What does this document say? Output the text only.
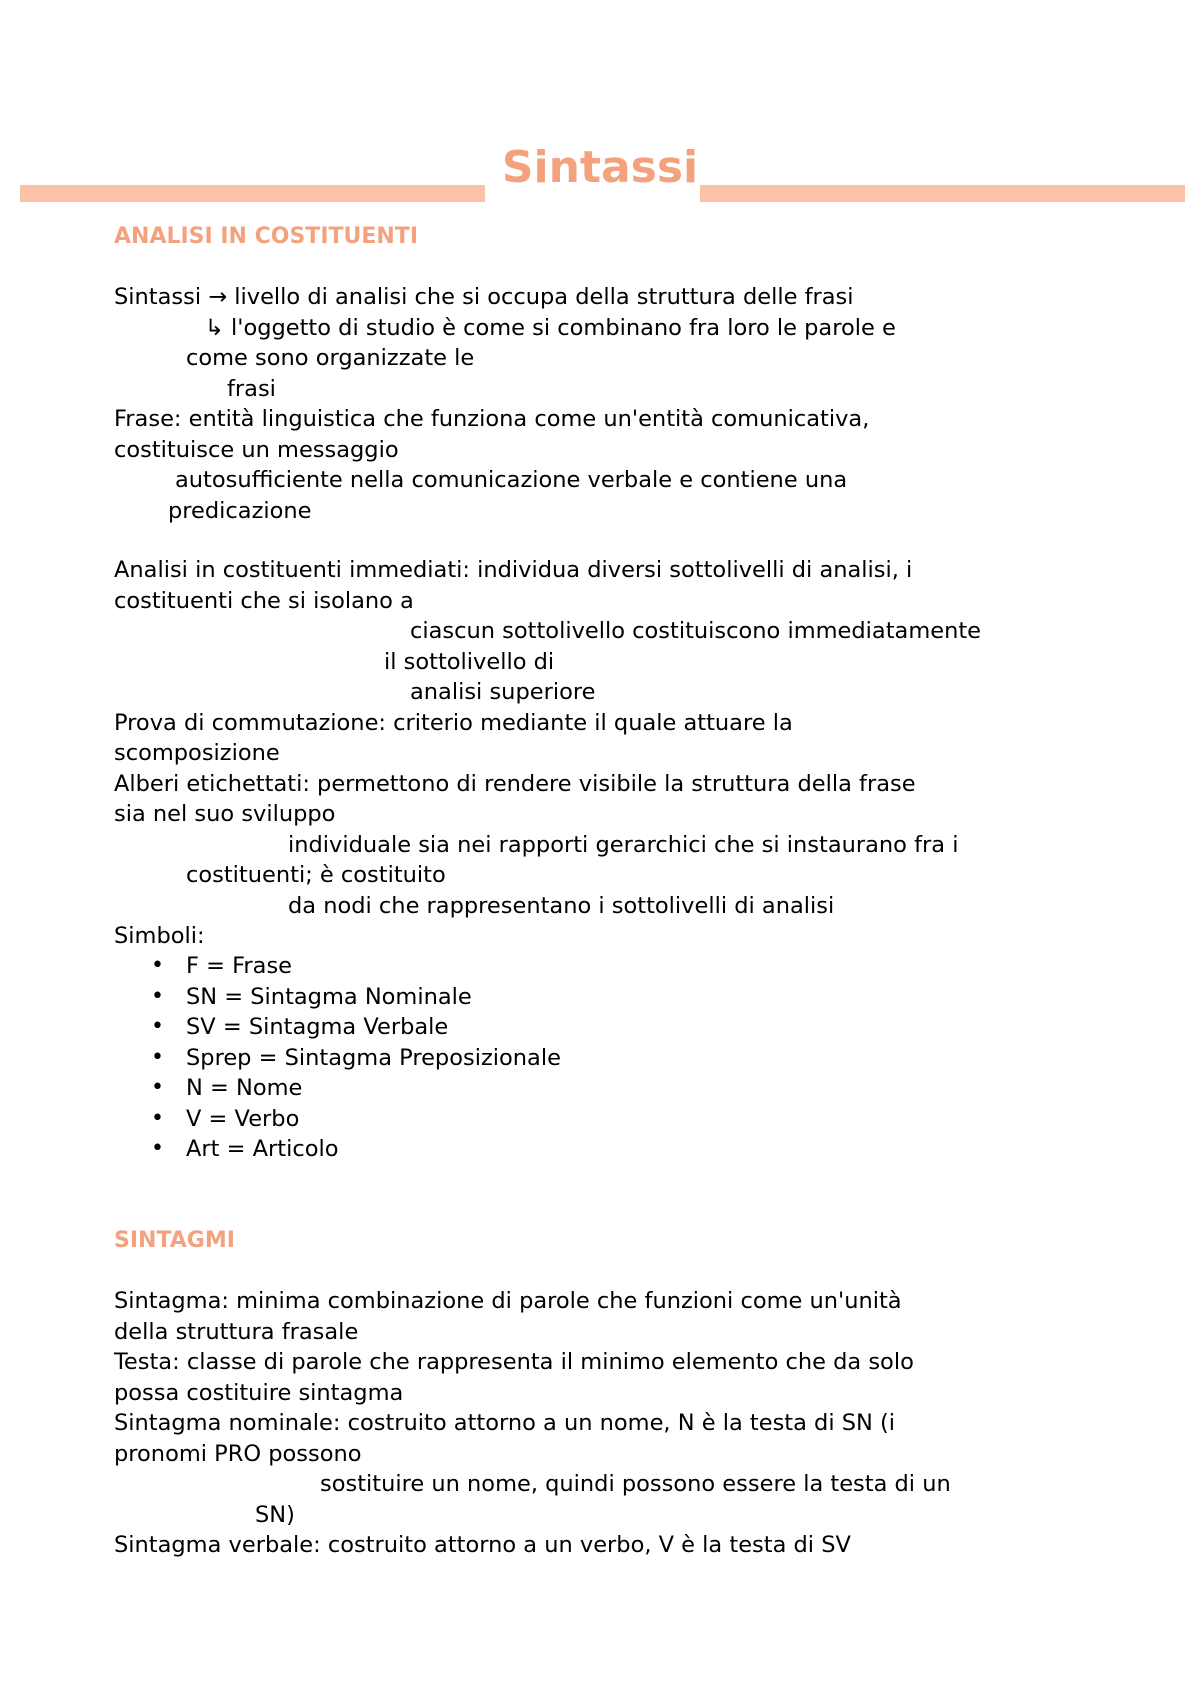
Sintassi
ANALISI IN COSTITUENTI
Sintassi → livello di analisi che si occupa della struttura delle frasi
↳ l'oggetto di studio è come si combinano fra loro le parole e
come sono organizzate le
frasi
Frase: entità linguistica che funziona come un'entità comunicativa,
costituisce un messaggio
autosufficiente nella comunicazione verbale e contiene una
predicazione
Analisi in costituenti immediati: individua diversi sottolivelli di analisi, i
costituenti che si isolano a
ciascun sottolivello costituiscono immediatamente
il sottolivello di
analisi superiore
Prova di commutazione: criterio mediante il quale attuare la
scomposizione
Alberi etichettati: permettono di rendere visibile la struttura della frase
sia nel suo sviluppo
individuale sia nei rapporti gerarchici che si instaurano fra i
costituenti; è costituito
da nodi che rappresentano i sottolivelli di analisi
Simboli:
• F = Frase
• SN = Sintagma Nominale
• SV = Sintagma Verbale
• Sprep = Sintagma Preposizionale
• N = Nome
• V = Verbo
• Art = Articolo
SINTAGMI
Sintagma: minima combinazione di parole che funzioni come un'unità
della struttura frasale
Testa: classe di parole che rappresenta il minimo elemento che da solo
possa costituire sintagma
Sintagma nominale: costruito attorno a un nome, N è la testa di SN (i
pronomi PRO possono
sostituire un nome, quindi possono essere la testa di un
SN)
Sintagma verbale: costruito attorno a un verbo, V è la testa di SV
